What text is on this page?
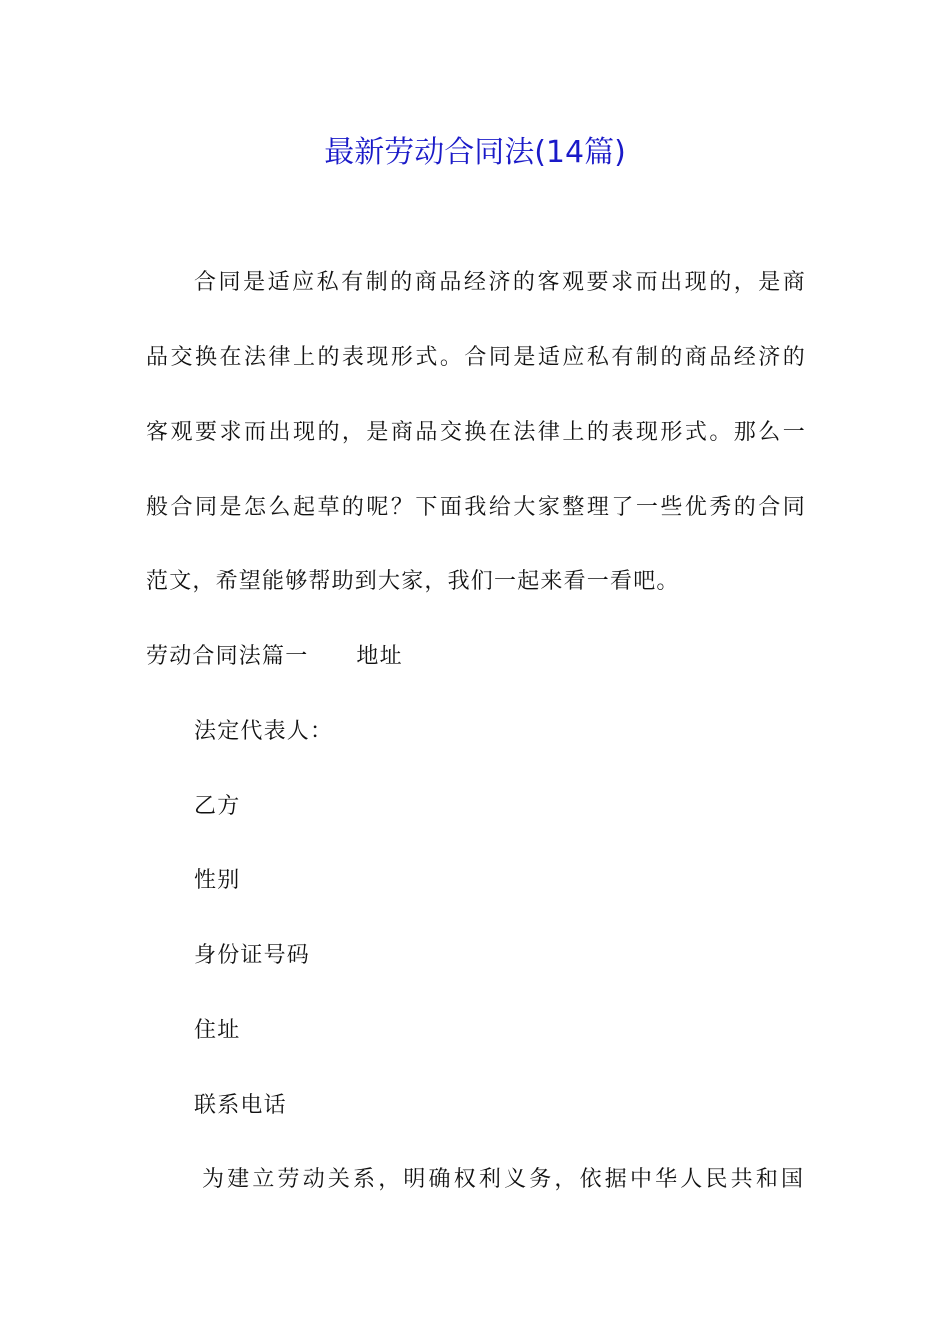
最新劳动合同法(14篇)
合同是适应私有制的商品经济的客观要求而出现的，是商
品交换在法律上的表现形式。合同是适应私有制的商品经济的
客观要求而出现的，是商品交换在法律上的表现形式。那么一
般合同是怎么起草的呢？下面我给大家整理了一些优秀的合同
范文，希望能够帮助到大家，我们一起来看一看吧。
劳动合同法篇一 地址
法定代表人：
乙方
性别
身份证号码
住址
联系电话
为建立劳动关系，明确权利义务，依据中华人民共和国
